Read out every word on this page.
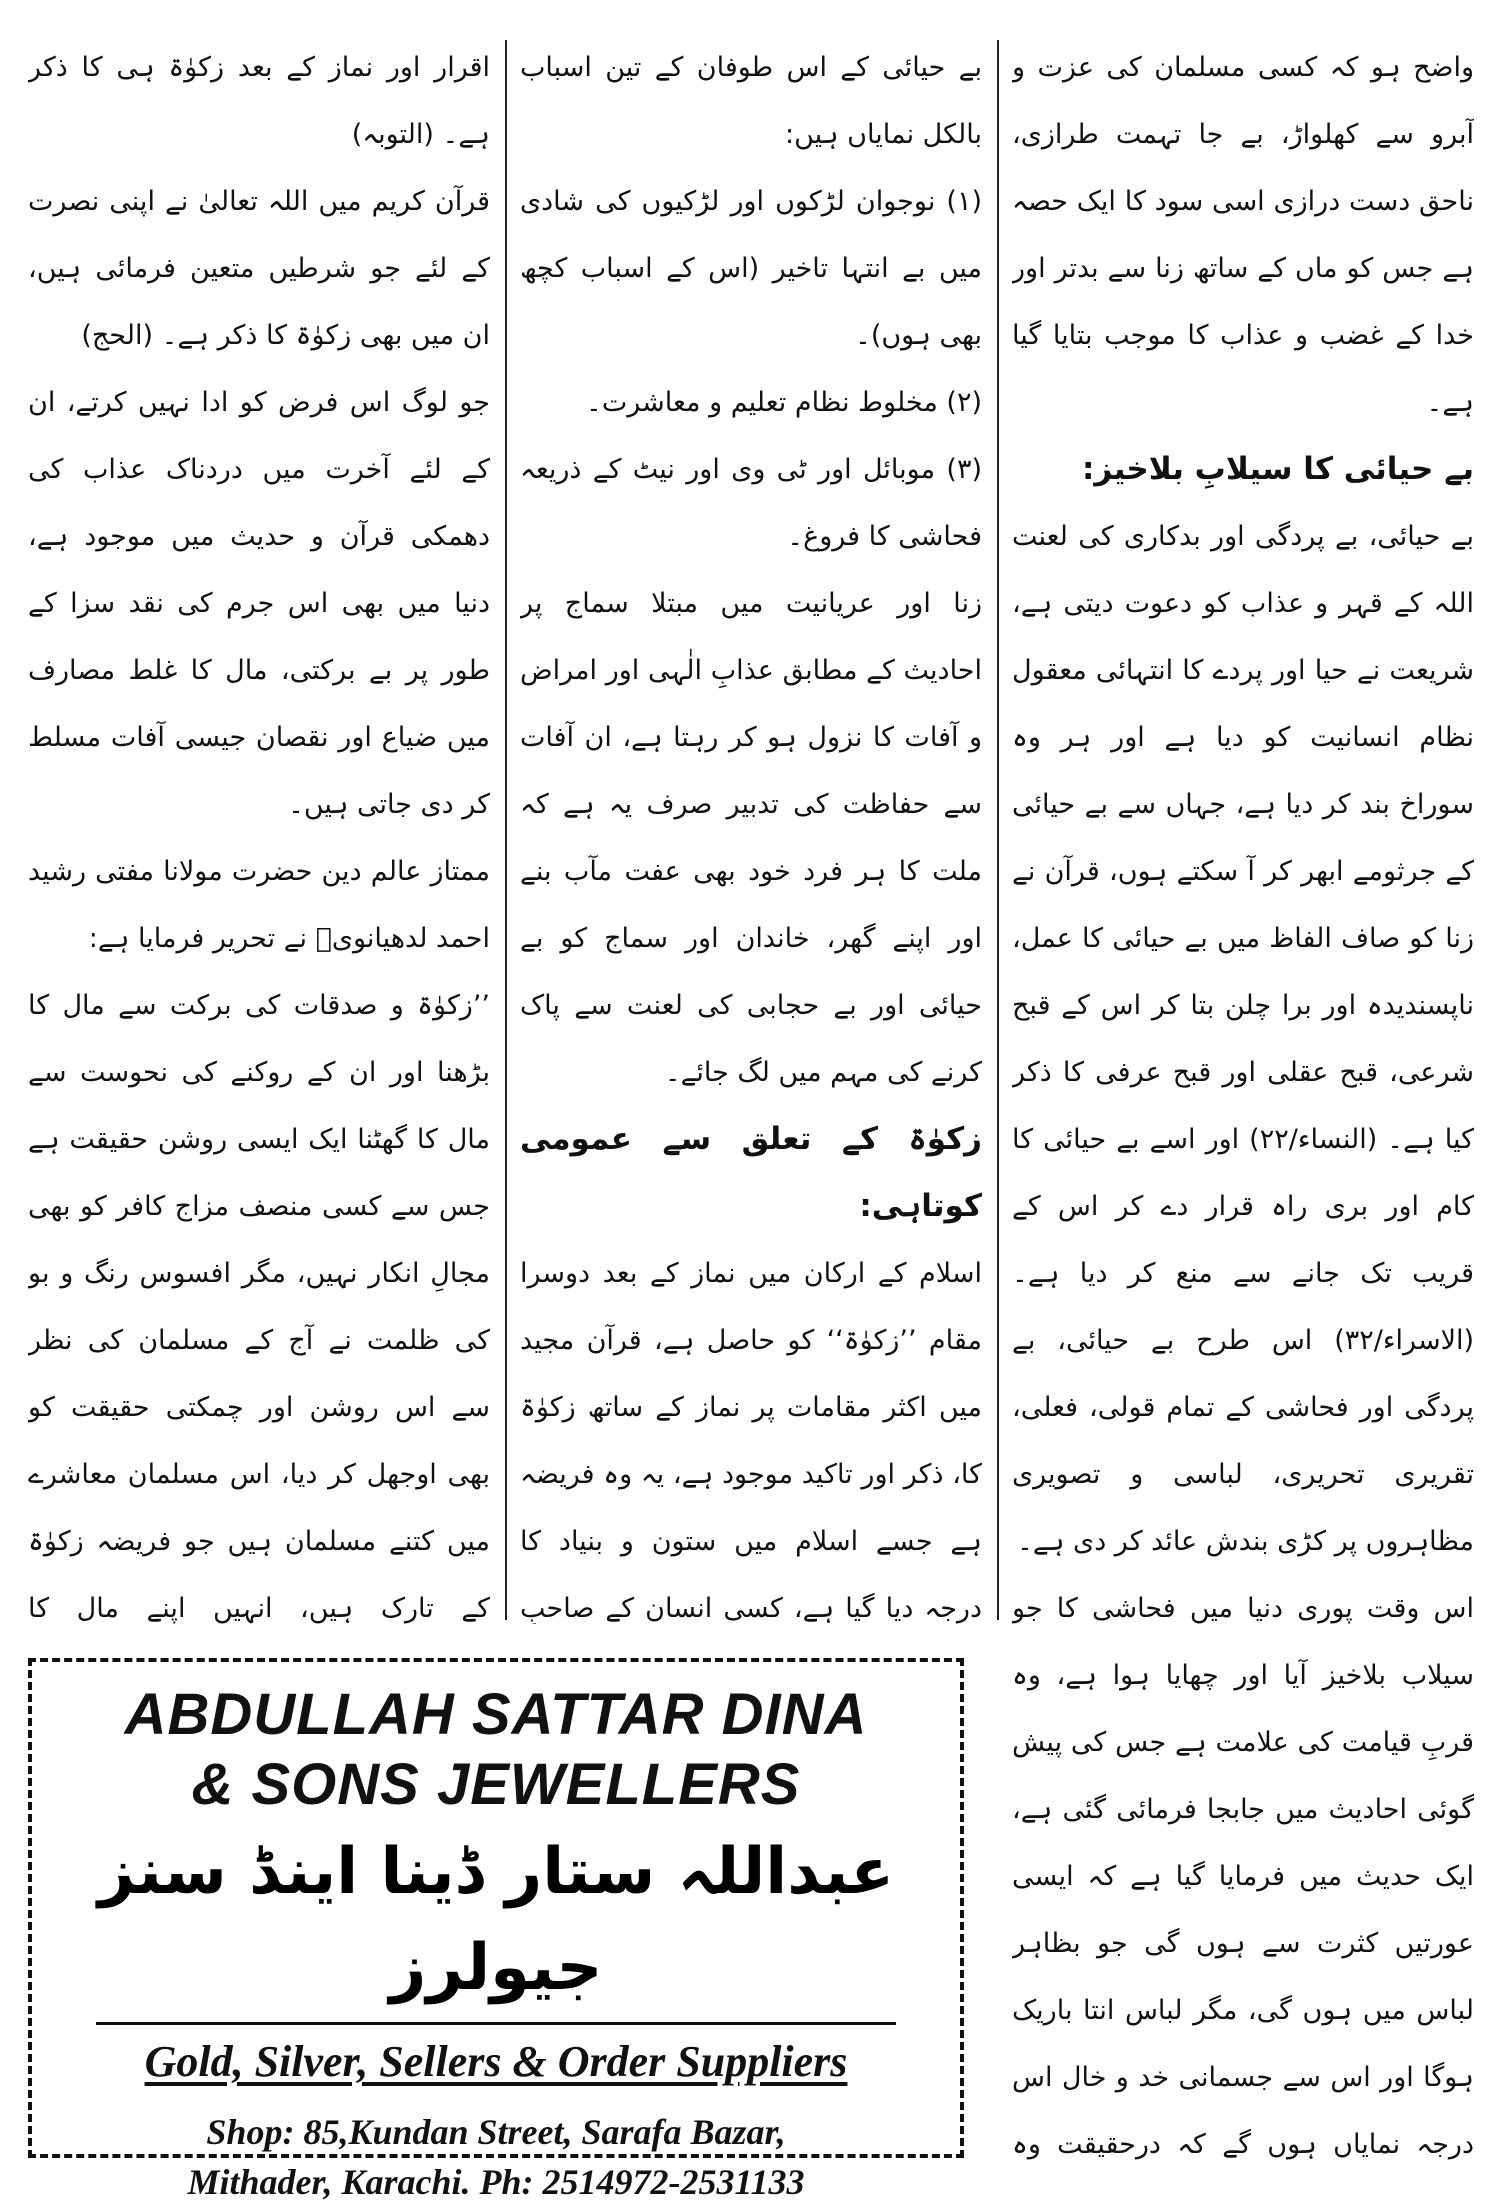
واضح ہو کہ کسی مسلمان کی عزت و آبرو سے کھلواڑ، بے جا تہمت طرازی، ناحق دست درازی اسی سود کا ایک حصہ ہے جس کو ماں کے ساتھ زنا سے بدتر اور خدا کے غضب و عذاب کا موجب بتایا گیا ہے۔

بے حیائی کا سیلابِ بلاخیز:

بے حیائی، بے پردگی اور بدکاری کی لعنت اللہ کے قہر و عذاب کو دعوت دیتی ہے، شریعت نے حیا اور پردے کا انتہائی معقول نظام انسانیت کو دیا ہے اور ہر وہ سوراخ بند کر دیا ہے، جہاں سے بے حیائی کے جرثومے ابھر کر آ سکتے ہوں، قرآن نے زنا کو صاف الفاظ میں بے حیائی کا عمل، ناپسندیدہ اور برا چلن بتا کر اس کے قبح شرعی، قبح عقلی اور قبح عرفی کا ذکر کیا ہے۔ (النساء/۲۲) اور اسے بے حیائی کا کام اور بری راہ قرار دے کر اس کے قریب تک جانے سے منع کر دیا ہے۔ (الاسراء/۳۲) اس طرح بے حیائی، بے پردگی اور فحاشی کے تمام قولی، فعلی، تقریری تحریری، لباسی و تصویری مظاہروں پر کڑی بندش عائد کر دی ہے۔

اس وقت پوری دنیا میں فحاشی کا جو سیلاب بلاخیز آیا اور چھایا ہوا ہے، وہ قربِ قیامت کی علامت ہے جس کی پیش گوئی احادیث میں جابجا فرمائی گئی ہے، ایک حدیث میں فرمایا گیا ہے کہ ایسی عورتیں کثرت سے ہوں گی جو بظاہر لباس میں ہوں گی، مگر لباس انتا باریک ہوگا اور اس سے جسمانی خد و خال اس درجہ نمایاں ہوں گے کہ درحقیقت وہ

بے حیائی کے اس طوفان کے تین اسباب بالکل نمایاں ہیں:

(۱) نوجوان لڑکوں اور لڑکیوں کی شادی میں بے انتہا تاخیر (اس کے اسباب کچھ بھی ہوں)۔

(۲) مخلوط نظام تعلیم و معاشرت۔

(۳) موبائل اور ٹی وی اور نیٹ کے ذریعہ فحاشی کا فروغ۔

زنا اور عریانیت میں مبتلا سماج پر احادیث کے مطابق عذابِ الٰہی اور امراض و آفات کا نزول ہو کر رہتا ہے، ان آفات سے حفاظت کی تدبیر صرف یہ ہے کہ ملت کا ہر فرد خود بھی عفت مآب بنے اور اپنے گھر، خاندان اور سماج کو بے حیائی اور بے حجابی کی لعنت سے پاک کرنے کی مہم میں لگ جائے۔

زکوٰۃ کے تعلق سے عمومی کوتاہی:

اسلام کے ارکان میں نماز کے بعد دوسرا مقام ’’زکوٰۃ‘‘ کو حاصل ہے، قرآن مجید میں اکثر مقامات پر نماز کے ساتھ زکوٰۃ کا، ذکر اور تاکید موجود ہے، یہ وہ فریضہ ہے جسے اسلام میں ستون و بنیاد کا درجہ دیا گیا ہے، کسی انسان کے صاحبِ

اقرار اور نماز کے بعد زکوٰۃ ہی کا ذکر ہے۔ (التوبہ)

قرآن کریم میں اللہ تعالیٰ نے اپنی نصرت کے لئے جو شرطیں متعین فرمائی ہیں، ان میں بھی زکوٰۃ کا ذکر ہے۔ (الحج)

جو لوگ اس فرض کو ادا نہیں کرتے، ان کے لئے آخرت میں دردناک عذاب کی دھمکی قرآن و حدیث میں موجود ہے، دنیا میں بھی اس جرم کی نقد سزا کے طور پر بے برکتی، مال کا غلط مصارف میں ضیاع اور نقصان جیسی آفات مسلط کر دی جاتی ہیں۔

ممتاز عالم دین حضرت مولانا مفتی رشید احمد لدھیانویؒ نے تحریر فرمایا ہے:

’’زکوٰۃ و صدقات کی برکت سے مال کا بڑھنا اور ان کے روکنے کی نحوست سے مال کا گھٹنا ایک ایسی روشن حقیقت ہے جس سے کسی منصف مزاج کافر کو بھی مجالِ انکار نہیں، مگر افسوس رنگ و بو کی ظلمت نے آج کے مسلمان کی نظر سے اس روشن اور چمکتی حقیقت کو بھی اوجھل کر دیا، اس مسلمان معاشرے میں کتنے مسلمان ہیں جو فریضہ زکوٰۃ کے تارک ہیں، انہیں اپنے مال کا

ABDULLAH SATTAR DINA
& SONS JEWELLERS
عبداللہ ستار ڈینا اینڈ سنز جیولرز
Gold, Silver, Sellers & Order Suppliers
Shop: 85,Kundan Street, Sarafa Bazar,
Mithader, Karachi. Ph: 2514972-2531133
